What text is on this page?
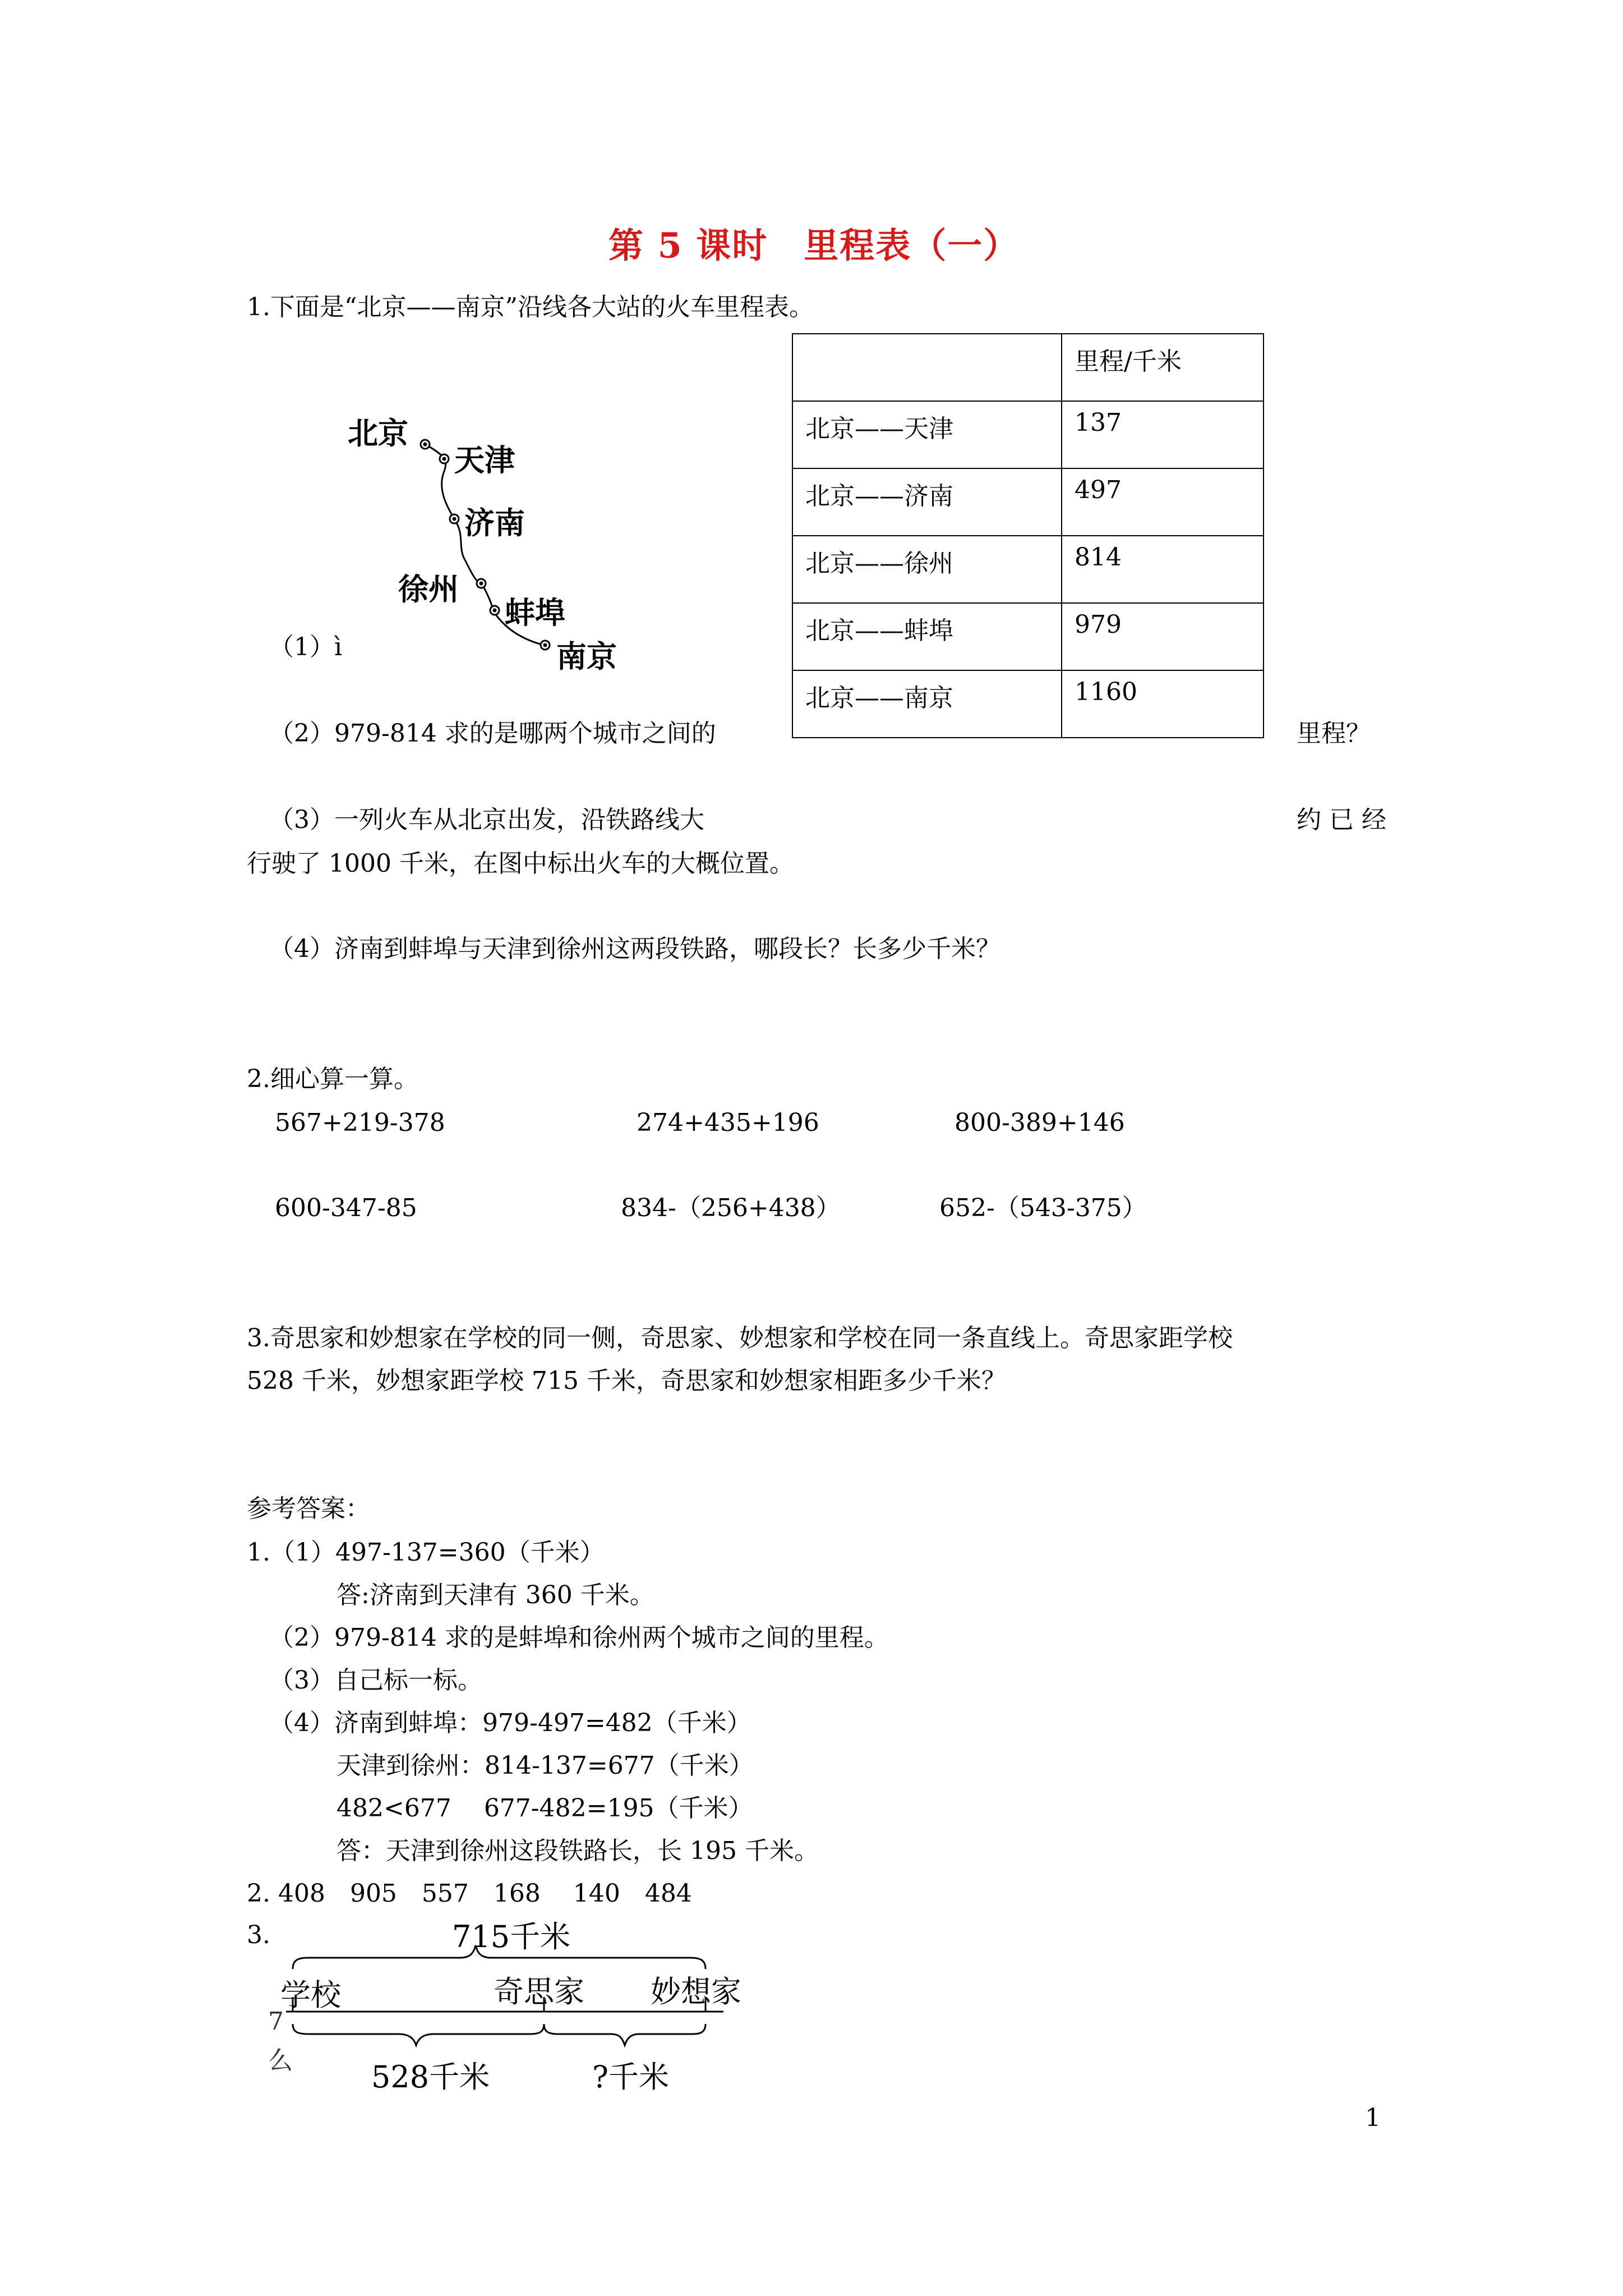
第 5 课时　里程表（一）
1.下面是“北京——南京”沿线各大站的火车里程表。
北京
天津
济南
徐州
蚌埠
南京
	里程/千米
北京——天津	137
北京——济南	497
北京——徐州	814
北京——蚌埠	979
北京——南京	1160
（1）ì
（2）979-814 求的是哪两个城市之间的	里程？
（3）一列火车从北京出发，沿铁路线大	约 已 经
行驶了 1000 千米，在图中标出火车的大概位置。
（4）济南到蚌埠与天津到徐州这两段铁路，哪段长？长多少千米？
2.细心算一算。
567+219-378	274+435+196	800-389+146
600-347-85	834-（256+438）	652-（543-375）
3.奇思家和妙想家在学校的同一侧，奇思家、妙想家和学校在同一条直线上。奇思家距学校
528 千米，妙想家距学校 715 千米，奇思家和妙想家相距多少千米？
参考答案：
1.（1）497-137=360（千米）
答:济南到天津有 360 千米。
（2）979-814 求的是蚌埠和徐州两个城市之间的里程。
（3）自己标一标。
（4）济南到蚌埠：979-497=482（千米）
天津到徐州：814-137=677（千米）
482<677　 677-482=195（千米）
答：天津到徐州这段铁路长，长 195 千米。
2. 408　905　557　168　 140　484
3.	715千米
学校	奇思家 妙想家
528千米	?千米
7
么
1
